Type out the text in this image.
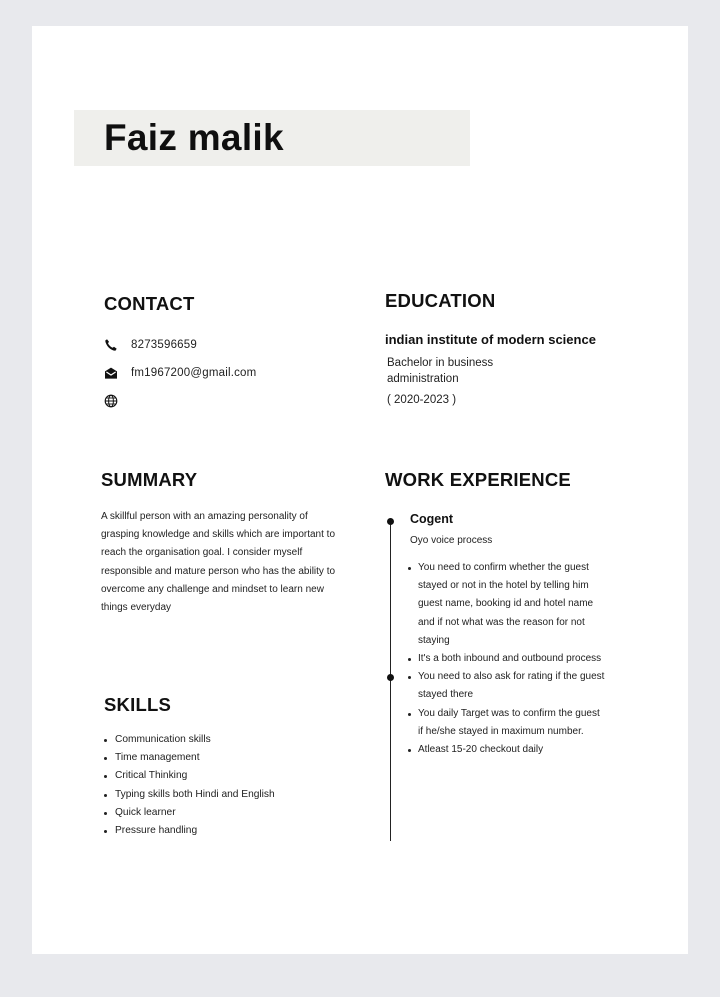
Faiz malik
CONTACT
8273596659
fm1967200@gmail.com
EDUCATION
indian institute of modern science
Bachelor in business administration
( 2020-2023 )
SUMMARY

A skillful person with an amazing personality of grasping knowledge and skills which are important to reach the organisation goal. I consider myself responsible and mature person who has the ability to overcome any challenge and mindset to learn new things everyday

SKILLS
Communication skills
Time management
Critical Thinking
Typing skills both Hindi and English
Quick learner
Pressure handling
WORK EXPERIENCE
Cogent
Oyo voice process
You need to confirm whether the guest stayed or not in the hotel by telling him guest name, booking id and hotel name and if not what was the reason for not staying
It's a both inbound and outbound process
You need to also ask for rating if the guest stayed there
You daily Target was to confirm the guest if he/she stayed in maximum number.
Atleast 15-20 checkout daily
